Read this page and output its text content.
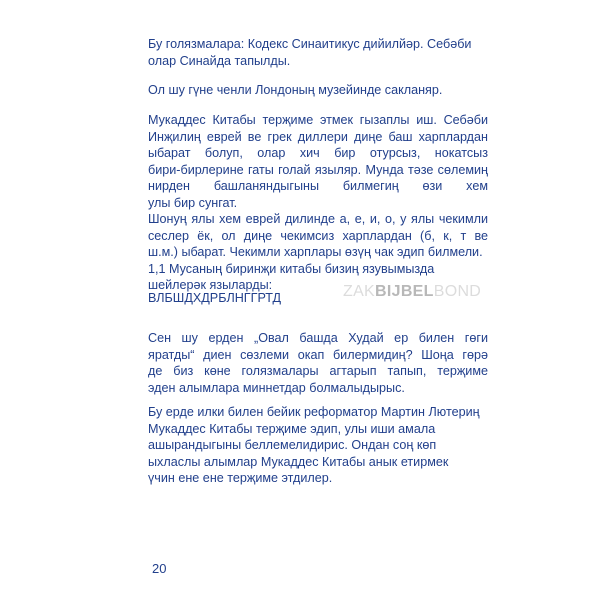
Бу голязмалара: Кодекс Синаитикус дийилйәр. Себәби
олар Синайда тапылды.

Ол шу гүне ченли Лондоның музейинде сакланяр.

Мукаддес Китабы терҗиме этмек гызаплы иш. Себәби
Инҗилиң еврей ве грек диллери диңе баш харплардан
ыбарат болуп, олар хич бир отурсыз, нокатсыз
бири-бирлерине гаты голай языляр. Мунда тәзе сөлемиң
нирден башланяндыгыны билмегиң өзи хем
улы бир сунгат.

Шонуң ялы хем еврей дилинде а, е, и, о, у ялы чекимли
сеслер ёк, ол диңе чекимсиз харплардан (б, к, т ве
ш.м.) ыбарат. Чекимли харплары өзүң чак эдип билмели. 1,1 Мусаның биринҗи китабы бизиң язувымызда
шейлерәк языларды:

ВЛБШДХДРБЛНГГРТД	ZAKBIJBELBOND

Сен шу ерден „Овал башда Худай ер билен гөги
яратды“ диен сөзлеми окап билермидиң? Шоңа гөрә
де биз көне голязмалары агтарып тапып, терҗиме
эден алымлара миннетдар болмалыдырыс.

Бу ерде илки билен бейик реформатор Мартин Лютериң Мукаддес Китабы терҗиме эдип, улы иши амала
ашырандыгыны беллемелидирис. Ондан соң көп ыхласлы алымлар Мукаддес Китабы анык етирмек
үчин ене ене терҗиме этдилер.

20
